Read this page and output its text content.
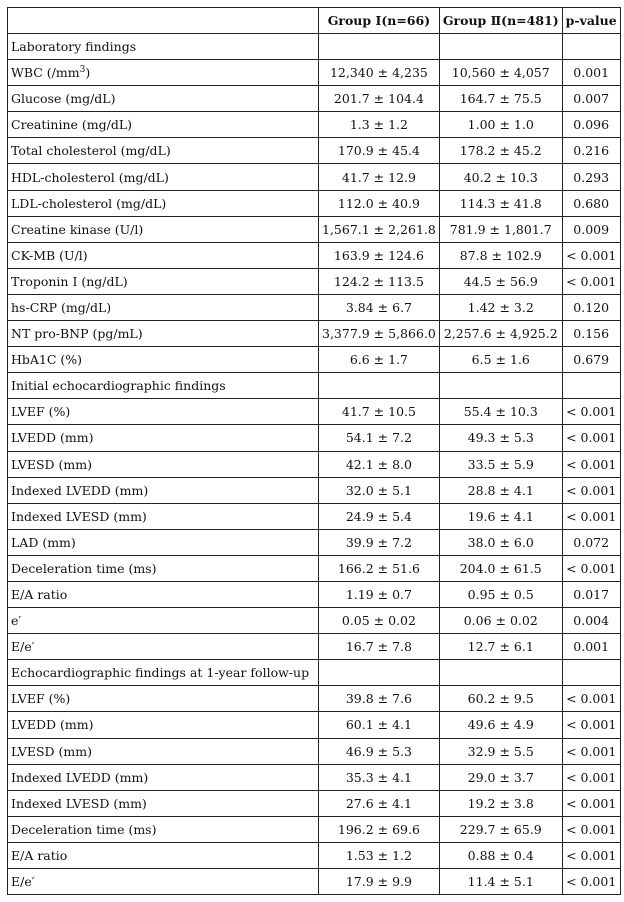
	Group Ⅰ(n=66)	Group Ⅱ(n=481)	p-value
Laboratory findings			
WBC $(/mm^3)$	12,340 ± 4,235	10,560 ± 4,057	0.001
Glucose (mg/dL)	201.7 ± 104.4	164.7 ± 75.5	0.007
Creatinine (mg/dL)	1.3 ± 1.2	1.00 ± 1.0	0.096
Total cholesterol (mg/dL)	170.9 ± 45.4	178.2 ± 45.2	0.216
HDL-cholesterol (mg/dL)	41.7 ± 12.9	40.2 ± 10.3	0.293
LDL-cholesterol (mg/dL)	112.0 ± 40.9	114.3 ± 41.8	0.680
Creatine kinase (U/l)	1,567.1 ± 2,261.8	781.9 ± 1,801.7	0.009
CK-MB (U/l)	163.9 ± 124.6	87.8 ± 102.9	< 0.001
Troponin I (ng/dL)	124.2 ± 113.5	44.5 ± 56.9	< 0.001
hs-CRP (mg/dL)	3.84 ± 6.7	1.42 ± 3.2	0.120
NT pro-BNP (pg/mL)	3,377.9 ± 5,866.0	2,257.6 ± 4,925.2	0.156
HbA1C (%)	6.6 ± 1.7	6.5 ± 1.6	0.679
Initial echocardiographic findings			
LVEF (%)	41.7 ± 10.5	55.4 ± 10.3	< 0.001
LVEDD (mm)	54.1 ± 7.2	49.3 ± 5.3	< 0.001
LVESD (mm)	42.1 ± 8.0	33.5 ± 5.9	< 0.001
Indexed LVEDD (mm)	32.0 ± 5.1	28.8 ± 4.1	< 0.001
Indexed LVESD (mm)	24.9 ± 5.4	19.6 ± 4.1	< 0.001
LAD (mm)	39.9 ± 7.2	38.0 ± 6.0	0.072
Deceleration time (ms)	166.2 ± 51.6	204.0 ± 61.5	< 0.001
E/A ratio	1.19 ± 0.7	0.95 ± 0.5	0.017
e′	0.05 ± 0.02	0.06 ± 0.02	0.004
E/e′	16.7 ± 7.8	12.7 ± 6.1	0.001
Echocardiographic findings at 1-year follow-up			
LVEF (%)	39.8 ± 7.6	60.2 ± 9.5	< 0.001
LVEDD (mm)	60.1 ± 4.1	49.6 ± 4.9	< 0.001
LVESD (mm)	46.9 ± 5.3	32.9 ± 5.5	< 0.001
Indexed LVEDD (mm)	35.3 ± 4.1	29.0 ± 3.7	< 0.001
Indexed LVESD (mm)	27.6 ± 4.1	19.2 ± 3.8	< 0.001
Deceleration time (ms)	196.2 ± 69.6	229.7 ± 65.9	< 0.001
E/A ratio	1.53 ± 1.2	0.88 ± 0.4	< 0.001
E/e′	17.9 ± 9.9	11.4 ± 5.1	< 0.001
